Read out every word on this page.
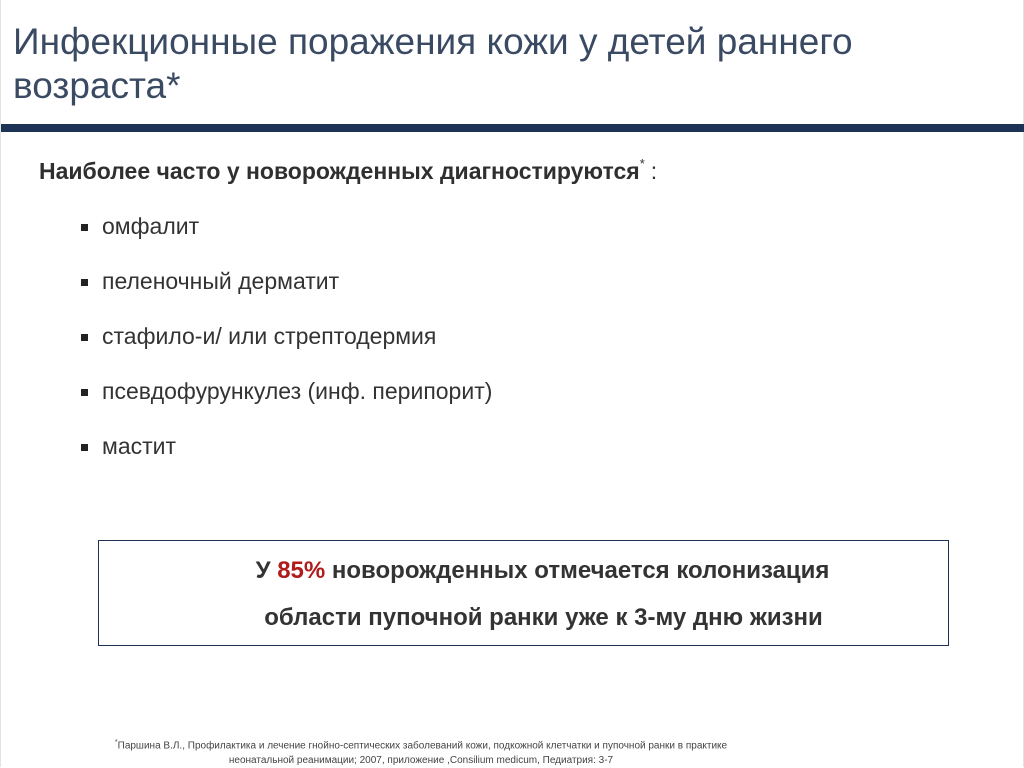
Инфекционные поражения кожи у детей раннего возраста*
Наиболее часто у новорожденных диагностируются* :
омфалит
пеленочный дерматит
стафило-и/ или стрептодермия
псевдофурункулез (инф. перипорит)
мастит
У 85% новорожденных отмечается колонизация
области пупочной ранки уже к 3-му дню жизни
*Паршина В.Л., Профилактика и лечение гнойно-септических заболеваний кожи, подкожной клетчатки и пупочной ранки в практике
неонатальной реанимации; 2007, приложение ,Consilium medicum, Педиатрия: 3-7
